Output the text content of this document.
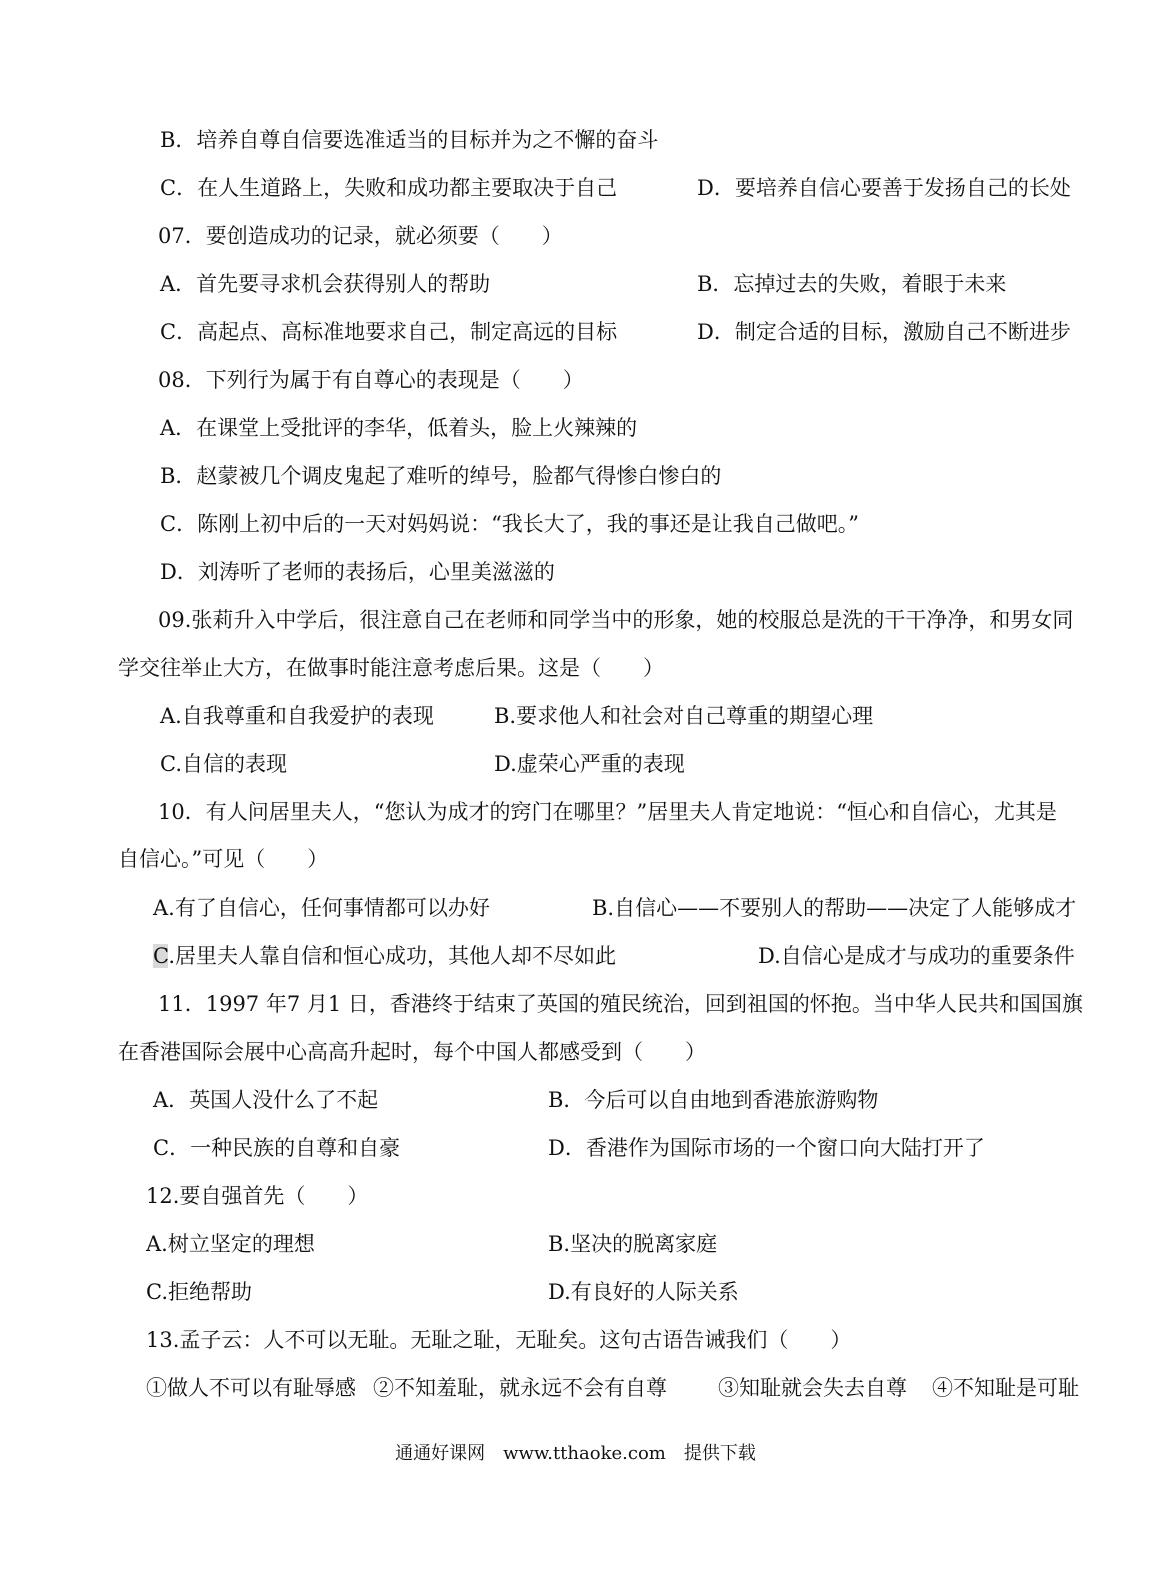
B．培养自尊自信要选准适当的目标并为之不懈的奋斗
C．在人生道路上，失败和成功都主要取决于自己	D．要培养自信心要善于发扬自己的长处
07．要创造成功的记录，就必须要（　　）
A．首先要寻求机会获得别人的帮助	B．忘掉过去的失败，着眼于未来
C．高起点、高标准地要求自己，制定高远的目标	D．制定合适的目标，激励自己不断进步
08．下列行为属于有自尊心的表现是（　　）
A．在课堂上受批评的李华，低着头，脸上火辣辣的
B．赵蒙被几个调皮鬼起了难听的绰号，脸都气得惨白惨白的
C．陈刚上初中后的一天对妈妈说：“我长大了，我的事还是让我自己做吧。”
D．刘涛听了老师的表扬后，心里美滋滋的
09.张莉升入中学后，很注意自己在老师和同学当中的形象，她的校服总是洗的干干净净，和男女同
学交往举止大方，在做事时能注意考虑后果。这是（　　）
A.自我尊重和自我爱护的表现	B.要求他人和社会对自己尊重的期望心理
C.自信的表现	D.虚荣心严重的表现
10．有人问居里夫人，“您认为成才的窍门在哪里？”居里夫人肯定地说：“恒心和自信心，尤其是
自信心。”可见（　　）
A.有了自信心，任何事情都可以办好	B.自信心——不要别人的帮助——决定了人能够成才
C.居里夫人靠自信和恒心成功，其他人却不尽如此	D.自信心是成才与成功的重要条件
11．1997 年7 月1 日，香港终于结束了英国的殖民统治，回到祖国的怀抱。当中华人民共和国国旗
在香港国际会展中心高高升起时，每个中国人都感受到（　　）
A．英国人没什么了不起	B．今后可以自由地到香港旅游购物
C．一种民族的自尊和自豪	D．香港作为国际市场的一个窗口向大陆打开了
12.要自强首先（　　）
A.树立坚定的理想	B.坚决的脱离家庭
C.拒绝帮助	D.有良好的人际关系
13.孟子云：人不可以无耻。无耻之耻，无耻矣。这句古语告诫我们（　　）
①做人不可以有耻辱感 ②不知羞耻，就永远不会有自尊 ③知耻就会失去自尊 ④不知耻是可耻
通通好课网　www.tthaoke.com　提供下载
